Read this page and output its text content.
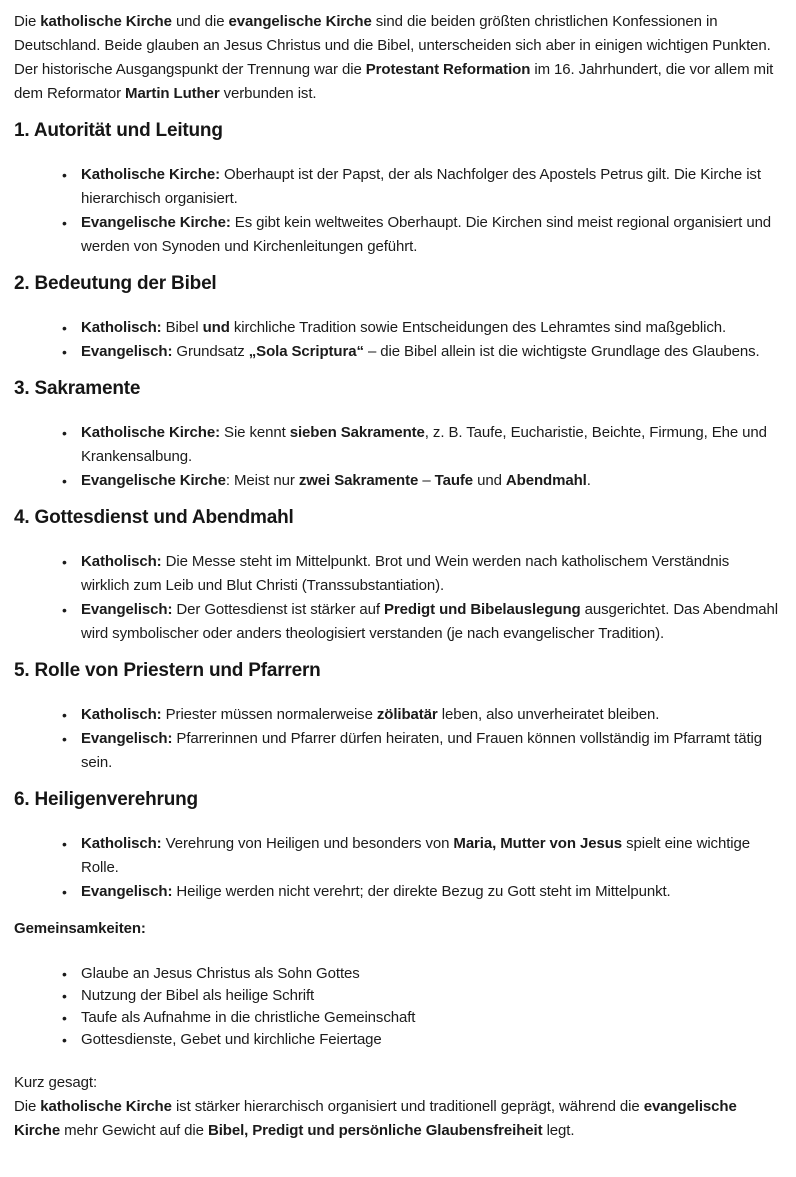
Die katholische Kirche und die evangelische Kirche sind die beiden größten christlichen Konfessionen in Deutschland. Beide glauben an Jesus Christus und die Bibel, unterscheiden sich aber in einigen wichtigen Punkten. Der historische Ausgangspunkt der Trennung war die Protestant Reformation im 16. Jahrhundert, die vor allem mit dem Reformator Martin Luther verbunden ist.

1. Autorität und Leitung
• Katholische Kirche: Oberhaupt ist der Papst, der als Nachfolger des Apostels Petrus gilt. Die Kirche ist hierarchisch organisiert.
• Evangelische Kirche: Es gibt kein weltweites Oberhaupt. Die Kirchen sind meist regional organisiert und werden von Synoden und Kirchenleitungen geführt.
2. Bedeutung der Bibel
• Katholisch: Bibel und kirchliche Tradition sowie Entscheidungen des Lehramtes sind maßgeblich.
• Evangelisch: Grundsatz „Sola Scriptura“ – die Bibel allein ist die wichtigste Grundlage des Glaubens.
3. Sakramente
• Katholische Kirche: Sie kennt sieben Sakramente, z. B. Taufe, Eucharistie, Beichte, Firmung, Ehe und Krankensalbung.
• Evangelische Kirche: Meist nur zwei Sakramente – Taufe und Abendmahl.
4. Gottesdienst und Abendmahl
• Katholisch: Die Messe steht im Mittelpunkt. Brot und Wein werden nach katholischem Verständnis wirklich zum Leib und Blut Christi (Transsubstantiation).
• Evangelisch: Der Gottesdienst ist stärker auf Predigt und Bibelauslegung ausgerichtet. Das Abendmahl wird symbolischer oder anders theologisiert verstanden (je nach evangelischer Tradition).
5. Rolle von Priestern und Pfarrern
• Katholisch: Priester müssen normalerweise zölibatär leben, also unverheiratet bleiben.
• Evangelisch: Pfarrerinnen und Pfarrer dürfen heiraten, und Frauen können vollständig im Pfarramt tätig sein.
6. Heiligenverehrung
• Katholisch: Verehrung von Heiligen und besonders von Maria, Mutter von Jesus spielt eine wichtige Rolle.
• Evangelisch: Heilige werden nicht verehrt; der direkte Bezug zu Gott steht im Mittelpunkt.

Gemeinsamkeiten:

• Glaube an Jesus Christus als Sohn Gottes
• Nutzung der Bibel als heilige Schrift
• Taufe als Aufnahme in die christliche Gemeinschaft
• Gottesdienste, Gebet und kirchliche Feiertage

Kurz gesagt:

Die katholische Kirche ist stärker hierarchisch organisiert und traditionell geprägt, während die evangelische Kirche mehr Gewicht auf die Bibel, Predigt und persönliche Glaubensfreiheit legt.
